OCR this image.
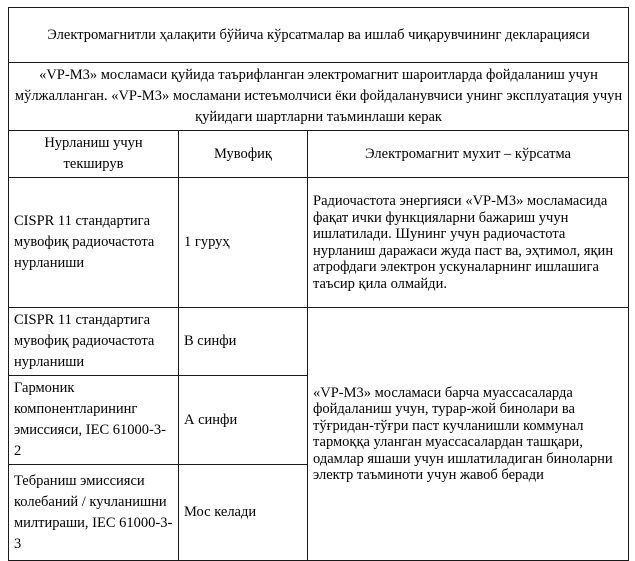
Электромагнитли ҳалақити бўйича кўрсатмалар ва ишлаб чиқарувчининг декларацияси		
«VP-M3» мосламаси қуйида таърифланган электромагнит шароитларда фойдаланиш учун мўлжалланган. «VP-M3» мосламани истеъмолчиси ёки фойдаланувчиси унинг эксплуатация учун қуйидаги шартларни таъминлаши керак		
Нурланиш учун текширув	Мувофиқ	Электромагнит мухит – кўрсатма
CISPR 11 стандартига мувофиқ радиочастота нурланиши	1 гуруҳ	Радиочастота энергияси «VP-M3» мосламасида фақат ички функцияларни бажариш учун ишлатилади. Шунинг учун радиочастота нурланиш даражаси жуда паст ва, эҳтимол, яқин атрофдаги электрон ускуналарнинг ишлашига таъсир қила олмайди.
CISPR 11 стандартига мувофиқ радиочастота нурланиши	В синфи	«VP-M3» мосламаси барча муассасаларда фойдаланиш учун, турар-жой бинолари ва тўғридан-тўғри паст кучланишли коммунал тармоққа уланган муассасалардан ташқари, одамлар яшаши учун ишлатиладиган биноларни электр таъминоти учун жавоб беради
Гармоник компонентларининг эмиссияси, IEC 61000-3-2	А синфи	
Тебраниш эмиссияси колебаний / кучланишни милтираши, IEC 61000-3-3	Мос келади	
